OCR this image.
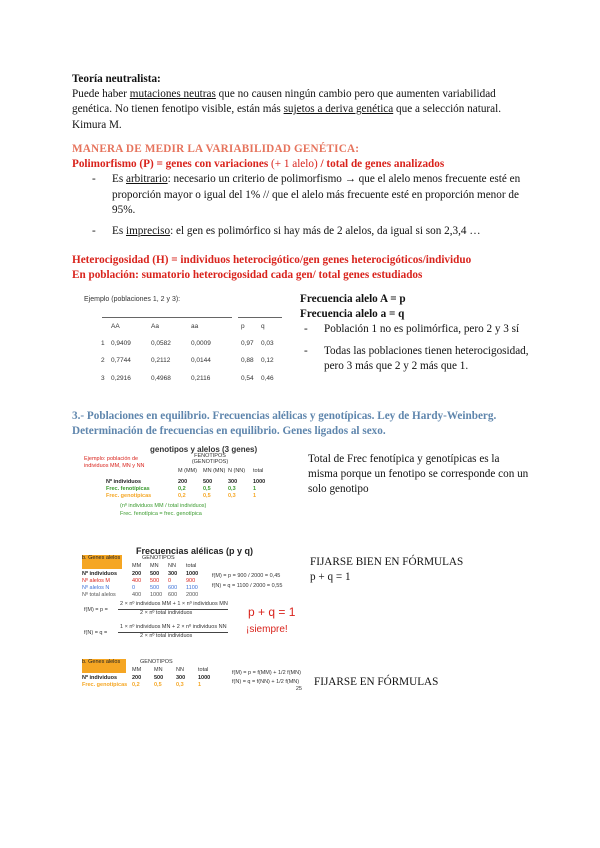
Teoría neutralista:
Puede haber mutaciones neutras que no causen ningún cambio pero que aumenten variabilidad
genética. No tienen fenotipo visible, están más sujetos a deriva genética que a selección natural.
Kimura M.
MANERA DE MEDIR LA VARIABILIDAD GENÉTICA:
Polimorfismo (P) = genes con variaciones (+ 1 alelo) / total de genes analizados
- Es arbitrario: necesario un criterio de polimorfismo → que el alelo menos frecuente esté en proporción mayor o igual del 1% // que el alelo más frecuente esté en proporción menor de 95%.
- Es impreciso: el gen es polimórfico si hay más de 2 alelos, da igual si son 2,3,4 …
Heterocigosidad (H) = individuos heterocigótico/gen genes heterocigóticos/individuo
En población: sumatorio heterocigosidad cada gen/ total genes estudiados
Ejemplo (poblaciones 1, 2 y 3):
	AA	Aa	aa		p	q
1	0,9409	0,0582	0,0009		0,97	0,03
2	0,7744	0,2112	0,0144		0,88	0,12
3	0,2916	0,4968	0,2116		0,54	0,46
Frecuencia alelo A = p
Frecuencia alelo a = q
- Población 1 no es polimórfica, pero 2 y 3 sí
- Todas las poblaciones tienen heterocigosidad, pero 3 más que 2 y 2 más que 1.
3.- Poblaciones en equilibrio. Frecuencias alélicas y genotípicas. Ley de Hardy-Weinberg.
Determinación de frecuencias en equilibrio. Genes ligados al sexo.
genotipos y alelos (3 genes)
FENOTIPOS (GENOTIPOS)
Ejemplo: población de individuos MM, MN y NN
M (MM)	MN (MN) N (NN)	total
Nº individuos	200	500	300	1000
Frec. fenotípicas	0,2	0,5	0,3	1
Frec. genotípicas	0,2	0,5	0,3	1
(nº individuos MM / total individuos)
Frec. fenotípica = frec. genotípica
Total de Frec fenotípica y genotípicas es la misma porque un fenotipo se corresponde con un solo genotipo
Frecuencias alélicas (p y q)
b. Genes alelos	GENOTIPOS
MM	MN	NN	total
Nº individuos	200	500	300	1000
Nº alelos M	400	500	0	900
Nº alelos N	0	500	600	1100
Nº total alelos	400	1000	600	2000
f(M) = p = 900 / 2000 = 0,45
f(N) = q = 1100 / 2000 = 0,55
f(M) = p =
2 × nº individuos MM + 1 × nº individuos MN
2 × nº total individuos
f(N) = q =
1 × nº individuos MN + 2 × nº individuos NN
2 × nº total individuos
p + q = 1
¡siempre!
FIJARSE BIEN EN FÓRMULAS
p + q = 1
b. Genes alelos	GENOTIPOS
MM	MN	NN	total
Nº individuos	200	500	300	1000
Frec. genotípicas 0,2	0,5	0,3	1
f(M) = p = f(MM) + 1/2 f(MN)
f(N) = q = f(NN) + 1/2 f(MN)
25
FIJARSE EN FÓRMULAS
